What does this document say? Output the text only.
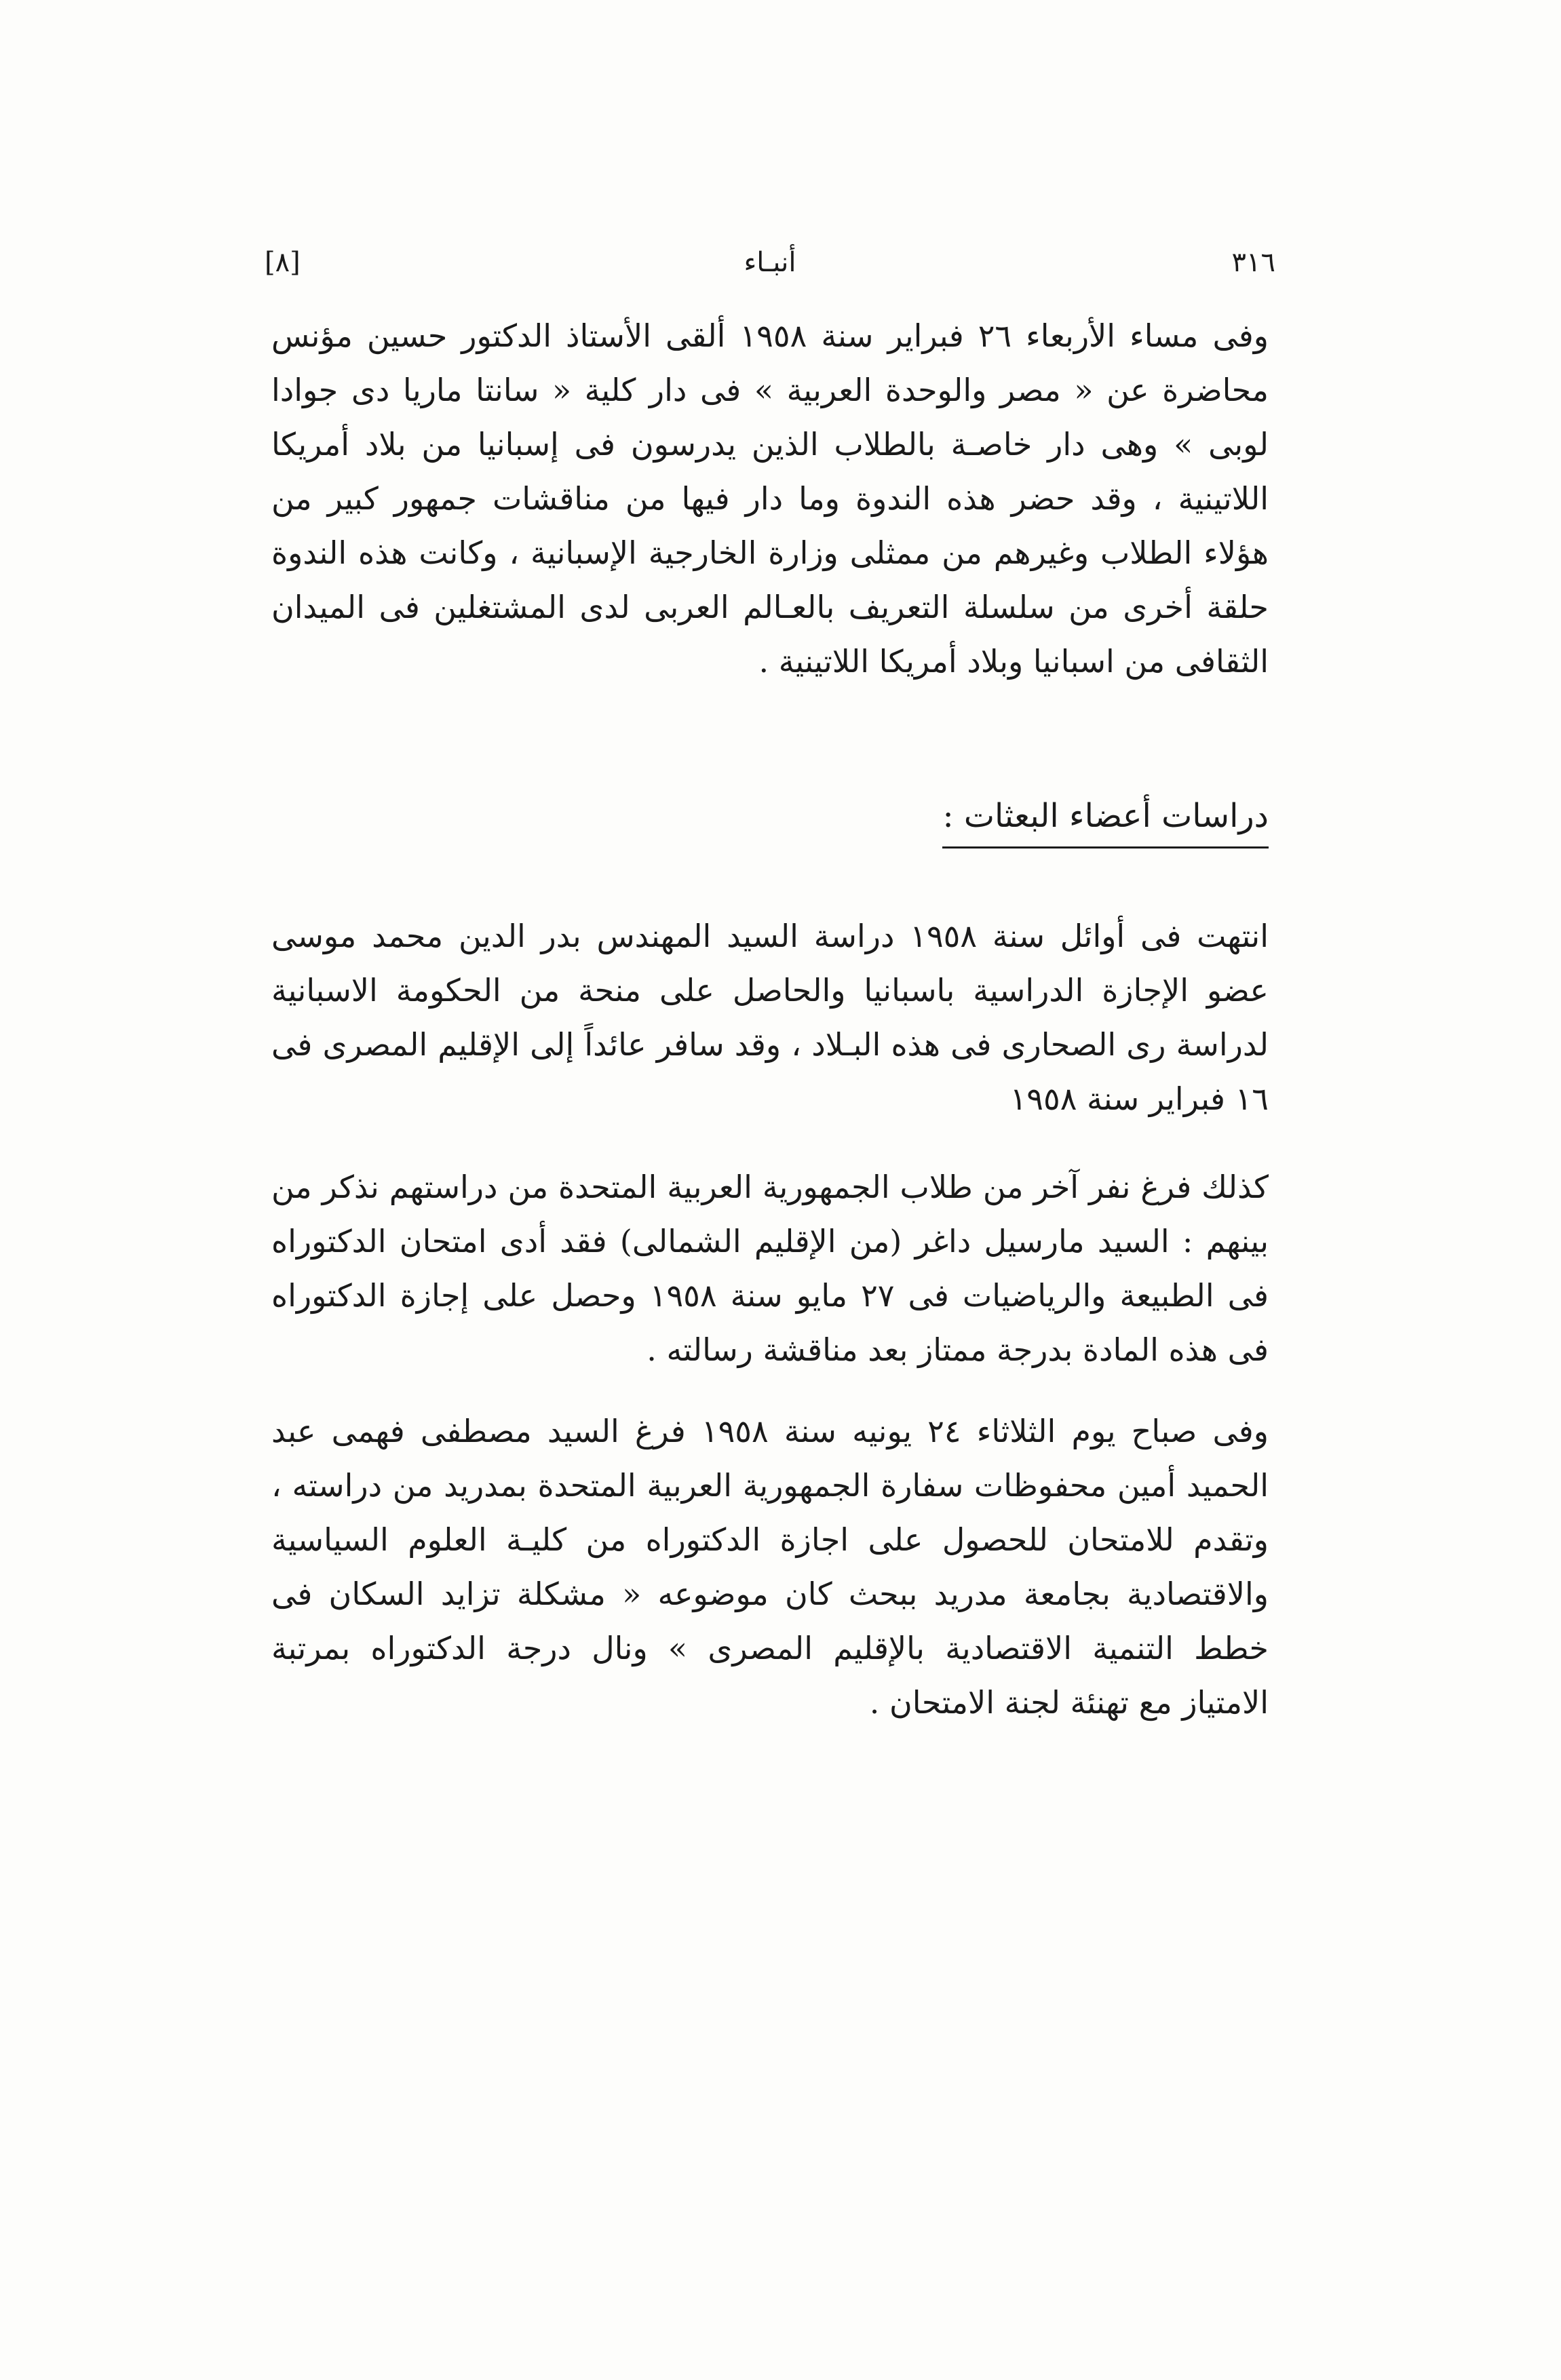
٣١٦
أنبـاء
[٨]

وفى مساء الأربعاء ٢٦ فبراير سنة ١٩٥٨ ألقى الأستاذ الدكتور حسين مؤنس محاضرة عن « مصر والوحدة العربية » فى دار كلية « سانتا ماريا دى جوادا لوبى » وهى دار خاصـة بالطلاب الذين يدرسون فى إسبانيا من بلاد أمريكا اللاتينية ، وقد حضر هذه الندوة وما دار فيها من مناقشات جمهور كبير من هؤلاء الطلاب وغيرهم من ممثلى وزارة الخارجية الإسبانية ، وكانت هذه الندوة حلقة أخرى من سلسلة التعريف بالعـالم العربى لدى المشتغلين فى الميدان الثقافى من اسبانيا وبلاد أمريكا اللاتينية .

دراسات أعضاء البعثات :

انتهت فى أوائل سنة ١٩٥٨ دراسة السيد المهندس بدر الدين محمد موسى عضو الإجازة الدراسية باسبانيا والحاصل على منحة من الحكومة الاسبانية لدراسة رى الصحارى فى هذه البـلاد ، وقد سافر عائداً إلى الإقليم المصرى فى ١٦ فبراير سنة ١٩٥٨

كذلك فرغ نفر آخر من طلاب الجمهورية العربية المتحدة من دراستهم نذكر من بينهم : السيد مارسيل داغر (من الإقليم الشمالى) فقد أدى امتحان الدكتوراه فى الطبيعة والرياضيات فى ٢٧ مايو سنة ١٩٥٨ وحصل على إجازة الدكتوراه فى هذه المادة بدرجة ممتاز بعد مناقشة رسالته .

وفى صباح يوم الثلاثاء ٢٤ يونيه سنة ١٩٥٨ فرغ السيد مصطفى فهمى عبد الحميد أمين محفوظات سفارة الجمهورية العربية المتحدة بمدريد من دراسته ، وتقدم للامتحان للحصول على اجازة الدكتوراه من كليـة العلوم السياسية والاقتصادية بجامعة مدريد ببحث كان موضوعه « مشكلة تزايد السكان فى خطط التنمية الاقتصادية بالإقليم المصرى » ونال درجة الدكتوراه بمرتبة الامتياز مع تهنئة لجنة الامتحان .
